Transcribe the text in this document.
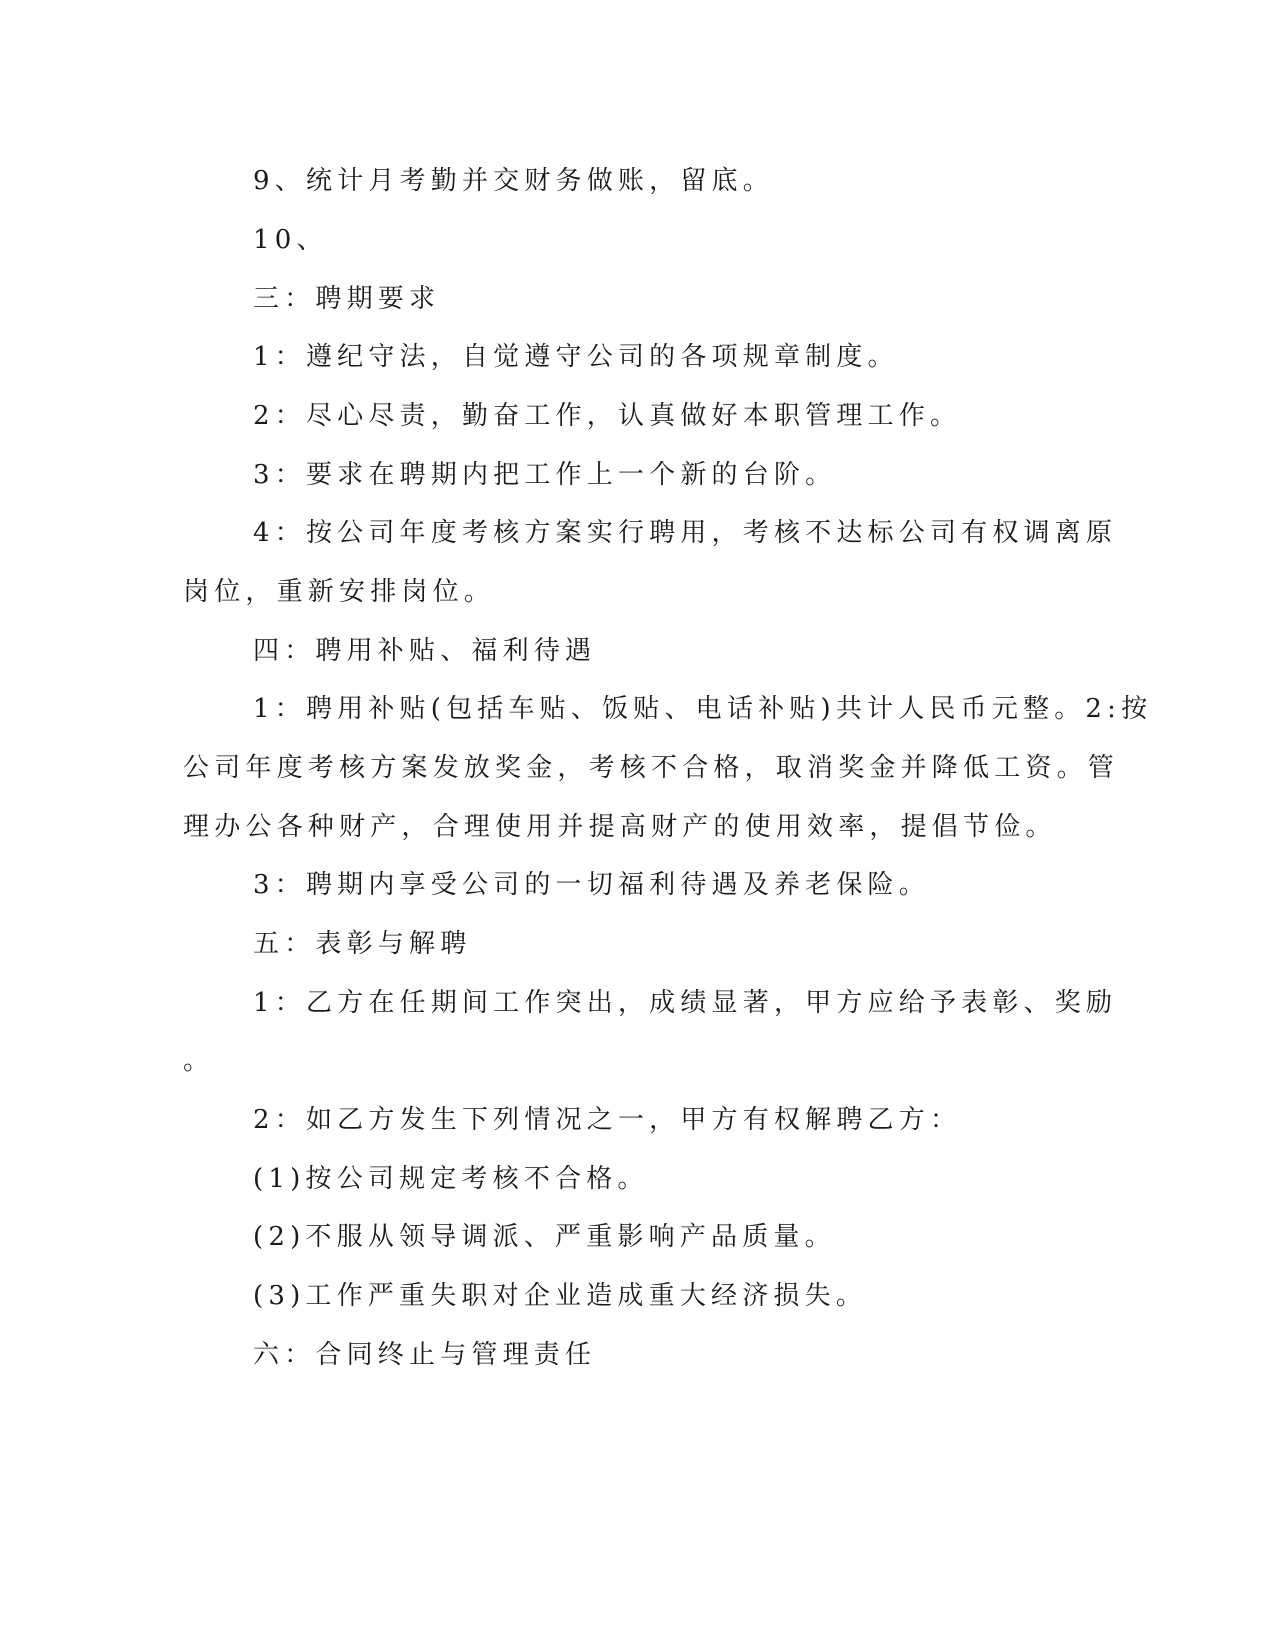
9、统计月考勤并交财务做账，留底。
10、
三：聘期要求
1：遵纪守法，自觉遵守公司的各项规章制度。
2：尽心尽责，勤奋工作，认真做好本职管理工作。
3：要求在聘期内把工作上一个新的台阶。
4：按公司年度考核方案实行聘用，考核不达标公司有权调离原
岗位，重新安排岗位。
四：聘用补贴、福利待遇
1：聘用补贴(包括车贴、饭贴、电话补贴)共计人民币元整。2:按
公司年度考核方案发放奖金，考核不合格，取消奖金并降低工资。管
理办公各种财产，合理使用并提高财产的使用效率，提倡节俭。
3：聘期内享受公司的一切福利待遇及养老保险。
五：表彰与解聘
1：乙方在任期间工作突出，成绩显著，甲方应给予表彰、奖励
。
2：如乙方发生下列情况之一，甲方有权解聘乙方：
(1)按公司规定考核不合格。
(2)不服从领导调派、严重影响产品质量。
(3)工作严重失职对企业造成重大经济损失。
六：合同终止与管理责任
